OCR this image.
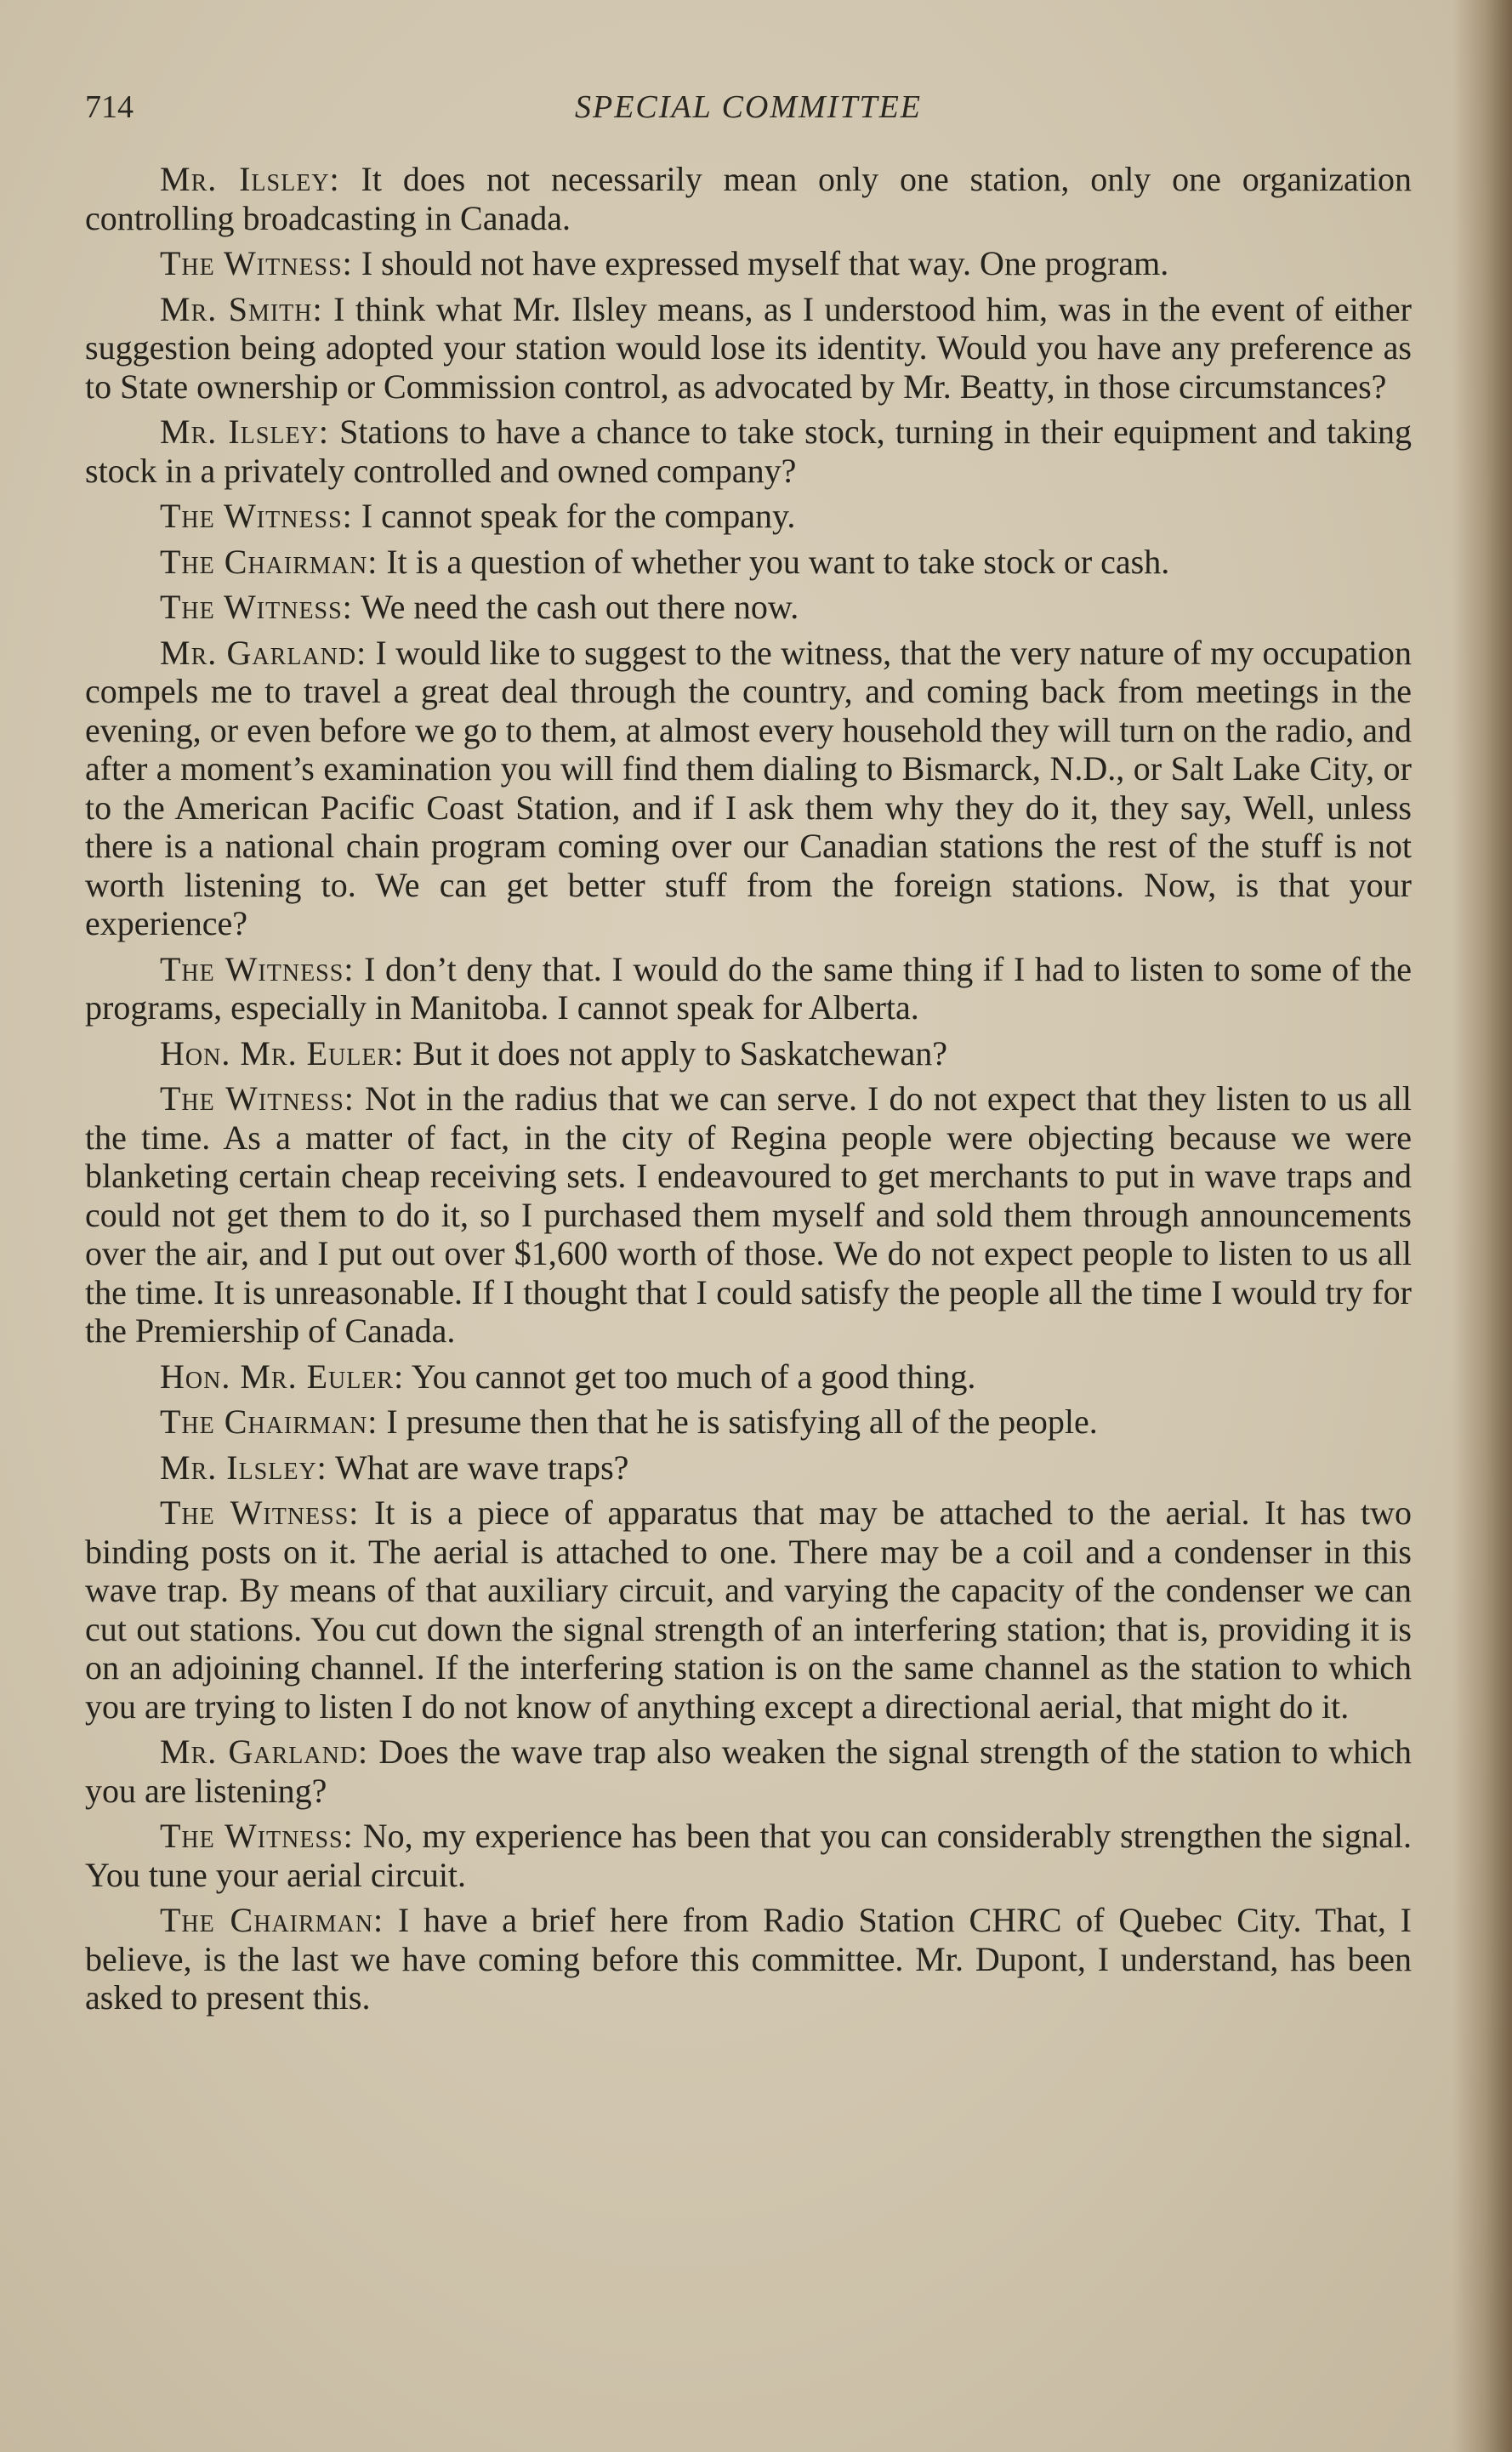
714	SPECIAL COMMITTEE

Mr. Ilsley: It does not necessarily mean only one station, only one organization controlling broadcasting in Canada.

The Witness: I should not have expressed myself that way. One program.

Mr. Smith: I think what Mr. Ilsley means, as I understood him, was in the event of either suggestion being adopted your station would lose its identity. Would you have any preference as to State ownership or Commission control, as advocated by Mr. Beatty, in those circumstances?

Mr. Ilsley: Stations to have a chance to take stock, turning in their equipment and taking stock in a privately controlled and owned company?

The Witness: I cannot speak for the company.

The Chairman: It is a question of whether you want to take stock or cash.

The Witness: We need the cash out there now.

Mr. Garland: I would like to suggest to the witness, that the very nature of my occupation compels me to travel a great deal through the country, and coming back from meetings in the evening, or even before we go to them, at almost every household they will turn on the radio, and after a moment’s examination you will find them dialing to Bismarck, N.D., or Salt Lake City, or to the American Pacific Coast Station, and if I ask them why they do it, they say, Well, unless there is a national chain program coming over our Canadian stations the rest of the stuff is not worth listening to. We can get better stuff from the foreign stations. Now, is that your experience?

The Witness: I don’t deny that. I would do the same thing if I had to listen to some of the programs, especially in Manitoba. I cannot speak for Alberta.

Hon. Mr. Euler: But it does not apply to Saskatchewan?

The Witness: Not in the radius that we can serve. I do not expect that they listen to us all the time. As a matter of fact, in the city of Regina people were objecting because we were blanketing certain cheap receiving sets. I endeavoured to get merchants to put in wave traps and could not get them to do it, so I purchased them myself and sold them through announcements over the air, and I put out over $1,600 worth of those. We do not expect people to listen to us all the time. It is unreasonable. If I thought that I could satisfy the people all the time I would try for the Premiership of Canada.

Hon. Mr. Euler: You cannot get too much of a good thing.

The Chairman: I presume then that he is satisfying all of the people.

Mr. Ilsley: What are wave traps?

The Witness: It is a piece of apparatus that may be attached to the aerial. It has two binding posts on it. The aerial is attached to one. There may be a coil and a condenser in this wave trap. By means of that auxiliary circuit, and varying the capacity of the condenser we can cut out stations. You cut down the signal strength of an interfering station; that is, providing it is on an adjoining channel. If the interfering station is on the same channel as the station to which you are trying to listen I do not know of anything except a directional aerial, that might do it.

Mr. Garland: Does the wave trap also weaken the signal strength of the station to which you are listening?

The Witness: No, my experience has been that you can considerably strengthen the signal. You tune your aerial circuit.

The Chairman: I have a brief here from Radio Station CHRC of Quebec City. That, I believe, is the last we have coming before this committee. Mr. Dupont, I understand, has been asked to present this.
